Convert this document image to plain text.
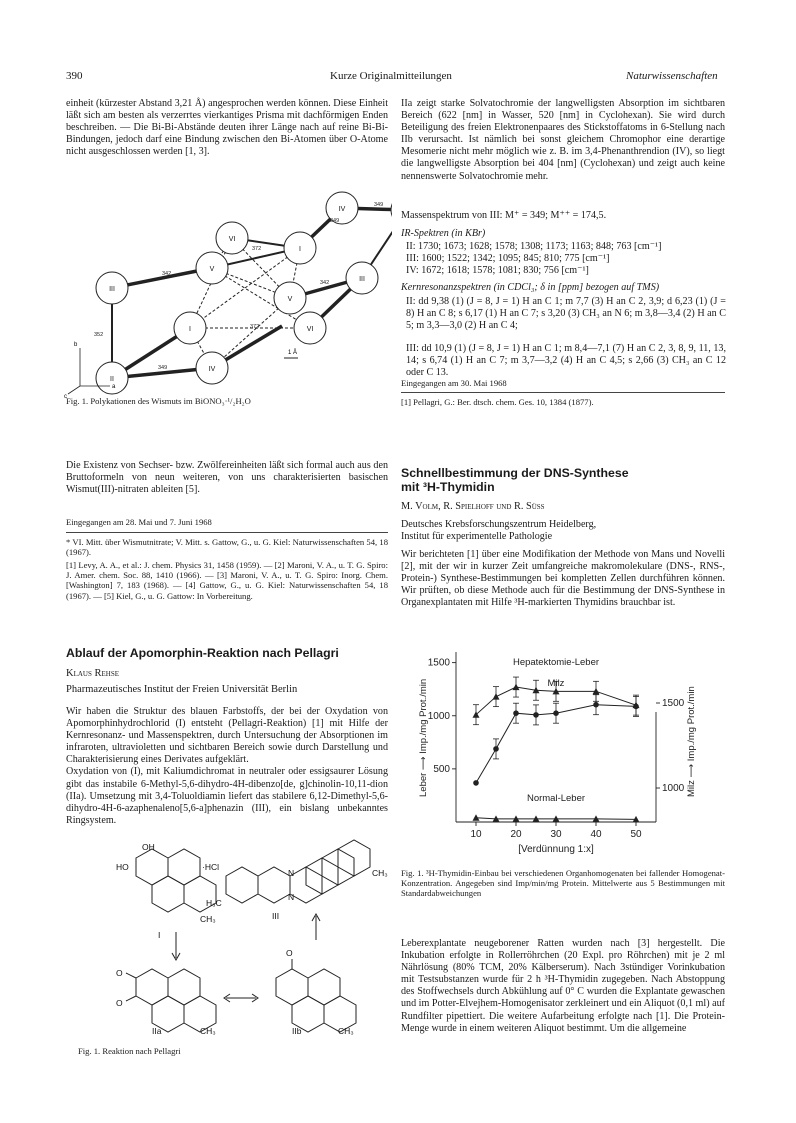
390	Kurze Originalmitteilungen	Naturwissenschaften

einheit (kürzester Abstand 3,21 Å) angesprochen werden können. Diese Einheit läßt sich am besten als verzerrtes vierkantiges Prisma mit dachförmigen Enden beschreiben. — Die Bi-Bi-Abstände deuten ihrer Länge nach auf reine Bi-Bi-Bindungen, jedoch darf eine Bindung zwischen den Bi-Atomen über O-Atome nicht ausgeschlossen werden [1, 3].

IV
VI
I
V
III
V
III
I	VI
II
IV
349
372
372
342
349
349
352
342
1 Å
b
a
c Fig. 1. Polykationen des Wismuts im BiONO₃·¹/₂H₂O

Die Existenz von Sechser- bzw. Zwölfereinheiten läßt sich formal auch aus den Bruttoformeln von neun weiteren, von uns charakterisierten basischen Wismut(III)-nitraten ableiten [5].

Eingegangen am 28. Mai und 7. Juni 1968
* VI. Mitt. über Wismutnitrate; V. Mitt. s. Gattow, G., u. G. Kiel: Naturwissenschaften 54, 18 (1967).
[1] Levy, A. A., et al.: J. chem. Physics 31, 1458 (1959). — [2] Maroni, V. A., u. T. G. Spiro: J. Amer. chem. Soc. 88, 1410 (1966). — [3] Maroni, V. A., u. T. G. Spiro: Inorg. Chem. [Washington] 7, 183 (1968). — [4] Gattow, G., u. G. Kiel: Naturwissenschaften 54, 18 (1967). — [5] Kiel, G., u. G. Gattow: In Vorbereitung.
Ablauf der Apomorphin-Reaktion nach Pellagri
Klaus Rehse
Pharmazeutisches Institut der Freien Universität Berlin

Wir haben die Struktur des blauen Farbstoffs, der bei der Oxydation von Apomorphinhydrochlorid (I) entsteht (Pellagri-Reaktion) [1] mit Hilfe der Kernresonanz- und Massenspektren, durch Untersuchung der Absorptionen im infraroten, ultravioletten und sichtbaren Bereich sowie durch Darstellung und Charakterisierung eines Derivates aufgeklärt.

Oxydation von (I), mit Kaliumdichromat in neutraler oder essigsaurer Lösung gibt das instabile 6-Methyl-5,6-dihydro-4H-dibenzo[de, g]chinolin-10,11-dion (IIa). Umsetzung mit 3,4-Toluoldiamin liefert das stabilere 6,12-Dimethyl-5,6-dihydro-4H-6-azaphenaleno[5,6-a]phenazin (III), ein bislang unbekanntes Ringsystem.

OH
HO	·HCl
CH₃
I
O
O
IIa	CH₃
O
IIb	CH₃
III
H₃C
CH₃
N
N
Fig. 1. Reaktion nach Pellagri

IIa zeigt starke Solvatochromie der langwelligsten Absorption im sichtbaren Bereich (622 [nm] in Wasser, 520 [nm] in Cyclohexan). Sie wird durch Beteiligung des freien Elektronenpaares des Stickstoffatoms in 6-Stellung nach IIb verursacht. Ist nämlich bei sonst gleichem Chromophor eine derartige Mesomerie nicht mehr möglich wie z. B. im 3,4-Phenanthrendion (IV), so liegt die langwelligste Absorption bei 404 [nm] (Cyclohexan) und zeigt auch keine nennenswerte Solvatochromie mehr.

Massenspektrum von III: M⁺ = 349; M⁺⁺ = 174,5.
IR-Spektren (in KBr)
II: 1730; 1673; 1628; 1578; 1308; 1173; 1163; 848; 763 [cm⁻¹]
III: 1600; 1522; 1342; 1095; 845; 810; 775 [cm⁻¹]
IV: 1672; 1618; 1578; 1081; 830; 756 [cm⁻¹]
Kernresonanzspektren (in CDCl₃; δ in [ppm] bezogen auf TMS)

II: dd 9,38 (1) (J = 8, J = 1) H an C 1; m 7,7 (3) H an C 2, 3,9; d 6,23 (1) (J = 8) H an C 8; s 6,17 (1) H an C 7; s 3,20 (3) CH₃ an N 6; m 3,8—3,4 (2) H an C 5; m 3,3—3,0 (2) H an C 4;

III: dd 10,9 (1) (J = 8, J = 1) H an C 1; m 8,4—7,1 (7) H an C 2, 3, 8, 9, 11, 13, 14; s 6,74 (1) H an C 7; m 3,7—3,2 (4) H an C 4,5; s 2,66 (3) CH₃ an C 12 oder C 13.

Eingegangen am 30. Mai 1968
[1] Pellagri, G.: Ber. dtsch. chem. Ges. 10, 1384 (1877).
Schnellbestimmung der DNS-Synthese
mit ³H-Thymidin
M. Volm, R. Spielhoff und R. Süss
Deutsches Krebsforschungszentrum Heidelberg,
Institut für experimentelle Pathologie

Wir berichteten [1] über eine Modifikation der Methode von Mans und Novelli [2], mit der wir in kurzer Zeit umfangreiche makromolekulare (DNS-, RNS-, Protein-) Synthese-Bestimmungen bei kompletten Zellen durchführen können. Wir prüften, ob diese Methode auch für die Bestimmung der DNS-Synthese in Organexplantaten mit Hilfe ³H-markierten Thymidins brauchbar ist.

10	20	30	40	50
500
1000
1500
1000
1500
[Verdünnung 1:x]
Leber ⟶ Imp./mg Prot./min	Milz ⟶ Imp./mg Prot./min
Hepatektomie-Leber
Milz
Normal-Leber
Fig. 1. ³H-Thymidin-Einbau bei verschiedenen Organhomogenaten bei fallender Homogenat-Konzentration. Angegeben sind Imp/min/mg Protein. Mittelwerte aus 5 Bestimmungen mit Standardabweichungen

Leberexplantate neugeborener Ratten wurden nach [3] hergestellt. Die Inkubation erfolgte in Rollerröhrchen (20 Expl. pro Röhrchen) mit je 2 ml Nährlösung (80% TCM, 20% Kälberserum). Nach 3stündiger Vorinkubation mit Testsubstanzen wurde für 2 h ³H-Thymidin zugegeben. Nach Abstoppung des Stoffwechsels durch Abkühlung auf 0° C wurden die Explantate gewaschen und im Potter-Elvejhem-Homogenisator zerkleinert und ein Aliquot (0,1 ml) auf Rundfilter pipettiert. Die weitere Aufarbeitung erfolgte nach [1]. Die Protein-Menge wurde in einem weiteren Aliquot bestimmt. Um die allgemeine
